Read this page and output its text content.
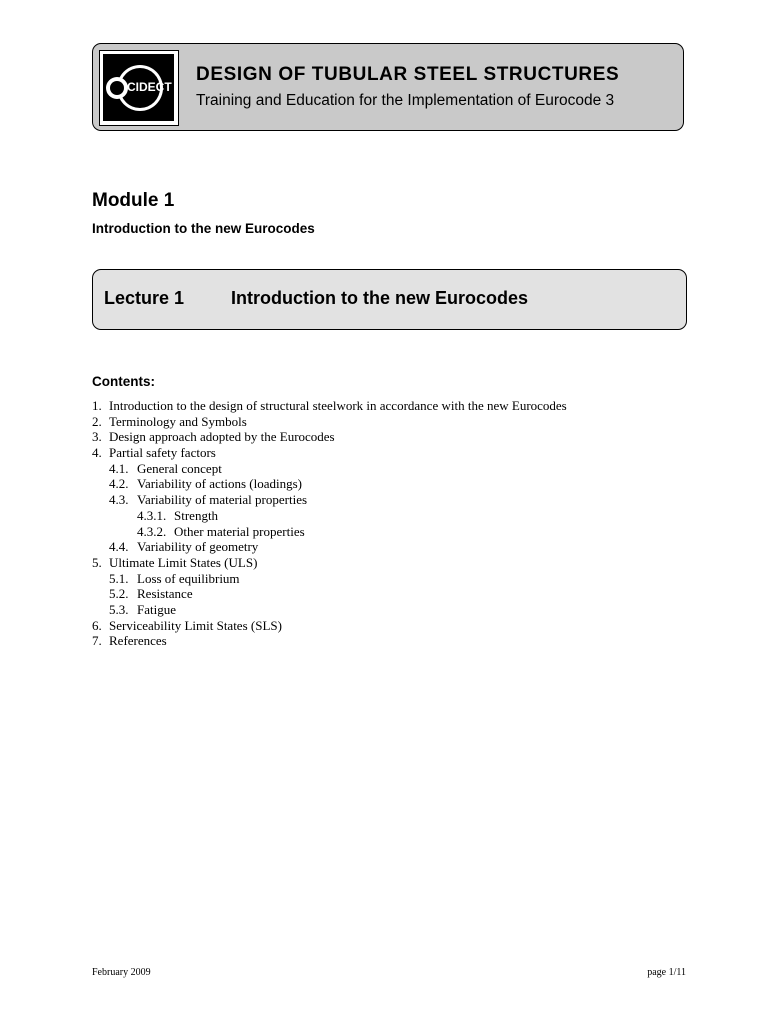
CIDECT
DESIGN OF TUBULAR STEEL STRUCTURES
Training and Education for the Implementation of Eurocode 3
Module 1
Introduction to the new Eurocodes
Lecture 1	Introduction to the new Eurocodes
Contents:
1. Introduction to the design of structural steelwork in accordance with the new Eurocodes
2. Terminology and Symbols
3. Design approach adopted by the Eurocodes
4. Partial safety factors
4.1. General concept
4.2. Variability of actions (loadings)
4.3. Variability of material properties
4.3.1. Strength
4.3.2. Other material properties
4.4. Variability of geometry
5. Ultimate Limit States (ULS)
5.1. Loss of equilibrium
5.2. Resistance
5.3. Fatigue
6. Serviceability Limit States (SLS)
7. References
February 2009	page 1/11
